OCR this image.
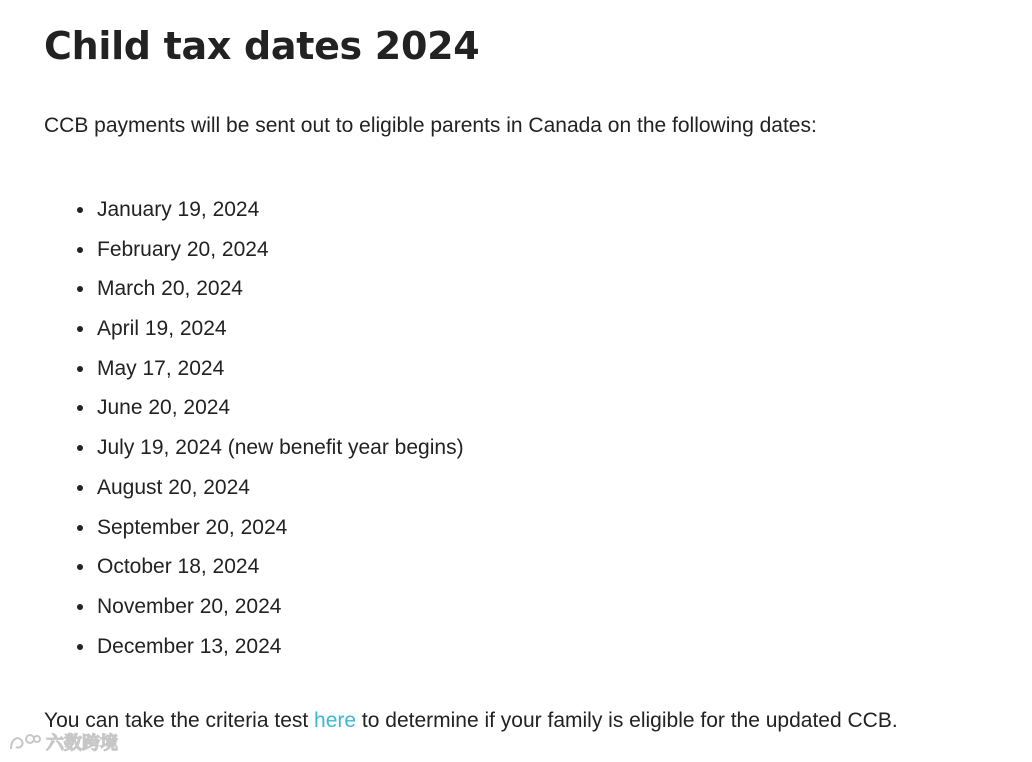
Child tax dates 2024

CCB payments will be sent out to eligible parents in Canada on the following dates:

January 19, 2024
February 20, 2024
March 20, 2024
April 19, 2024
May 17, 2024
June 20, 2024
July 19, 2024 (new benefit year begins)
August 20, 2024
September 20, 2024
October 18, 2024
November 20, 2024
December 13, 2024

You can take the criteria test here to determine if your family is eligible for the updated CCB.

六数跨境
